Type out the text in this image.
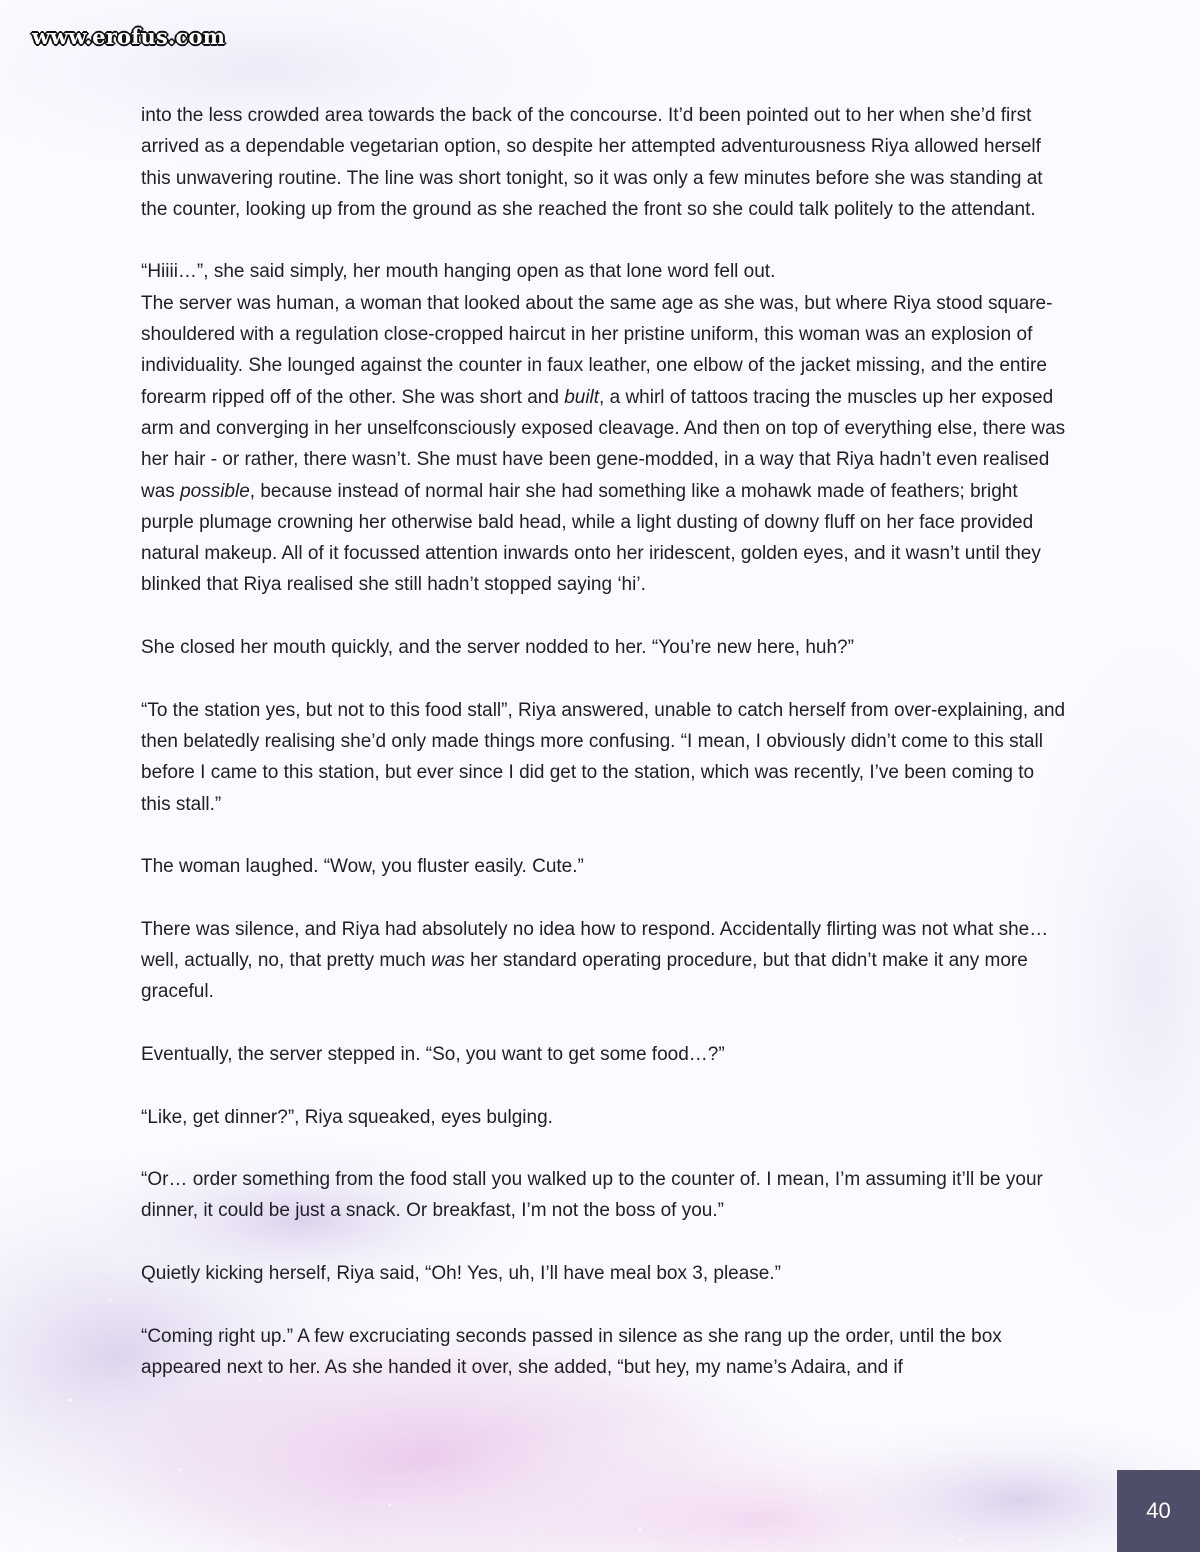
www.erofus.com

into the less crowded area towards the back of the concourse. It’d been pointed out to her when she’d first arrived as a dependable vegetarian option, so despite her attempted adventurousness Riya allowed herself this unwavering routine. The line was short tonight, so it was only a few minutes before she was standing at the counter, looking up from the ground as she reached the front so she could talk politely to the attendant.

“Hiiii…”, she said simply, her mouth hanging open as that lone word fell out.

The server was human, a woman that looked about the same age as she was, but where Riya stood square-shouldered with a regulation close-cropped haircut in her pristine uniform, this woman was an explosion of individuality. She lounged against the counter in faux leather, one elbow of the jacket missing, and the entire forearm ripped off of the other. She was short and built, a whirl of tattoos tracing the muscles up her exposed arm and converging in her unselfconsciously exposed cleavage. And then on top of everything else, there was her hair - or rather, there wasn’t. She must have been gene-modded, in a way that Riya hadn’t even realised was possible, because instead of normal hair she had something like a mohawk made of feathers; bright purple plumage crowning her otherwise bald head, while a light dusting of downy fluff on her face provided natural makeup. All of it focussed attention inwards onto her iridescent, golden eyes, and it wasn’t until they blinked that Riya realised she still hadn’t stopped saying ‘hi’.

She closed her mouth quickly, and the server nodded to her. “You’re new here, huh?”

“To the station yes, but not to this food stall”, Riya answered, unable to catch herself from over-explaining, and then belatedly realising she’d only made things more confusing. “I mean, I obviously didn’t come to this stall before I came to this station, but ever since I did get to the station, which was recently, I’ve been coming to this stall.”

The woman laughed. “Wow, you fluster easily. Cute.”

There was silence, and Riya had absolutely no idea how to respond. Accidentally flirting was not what she… well, actually, no, that pretty much was her standard operating procedure, but that didn’t make it any more graceful.

Eventually, the server stepped in. “So, you want to get some food…?”

“Like, get dinner?”, Riya squeaked, eyes bulging.

“Or… order something from the food stall you walked up to the counter of. I mean, I’m assuming it’ll be your dinner, it could be just a snack. Or breakfast, I’m not the boss of you.”

Quietly kicking herself, Riya said, “Oh! Yes, uh, I’ll have meal box 3, please.”

“Coming right up.” A few excruciating seconds passed in silence as she rang up the order, until the box appeared next to her. As she handed it over, she added, “but hey, my name’s Adaira, and if

40
